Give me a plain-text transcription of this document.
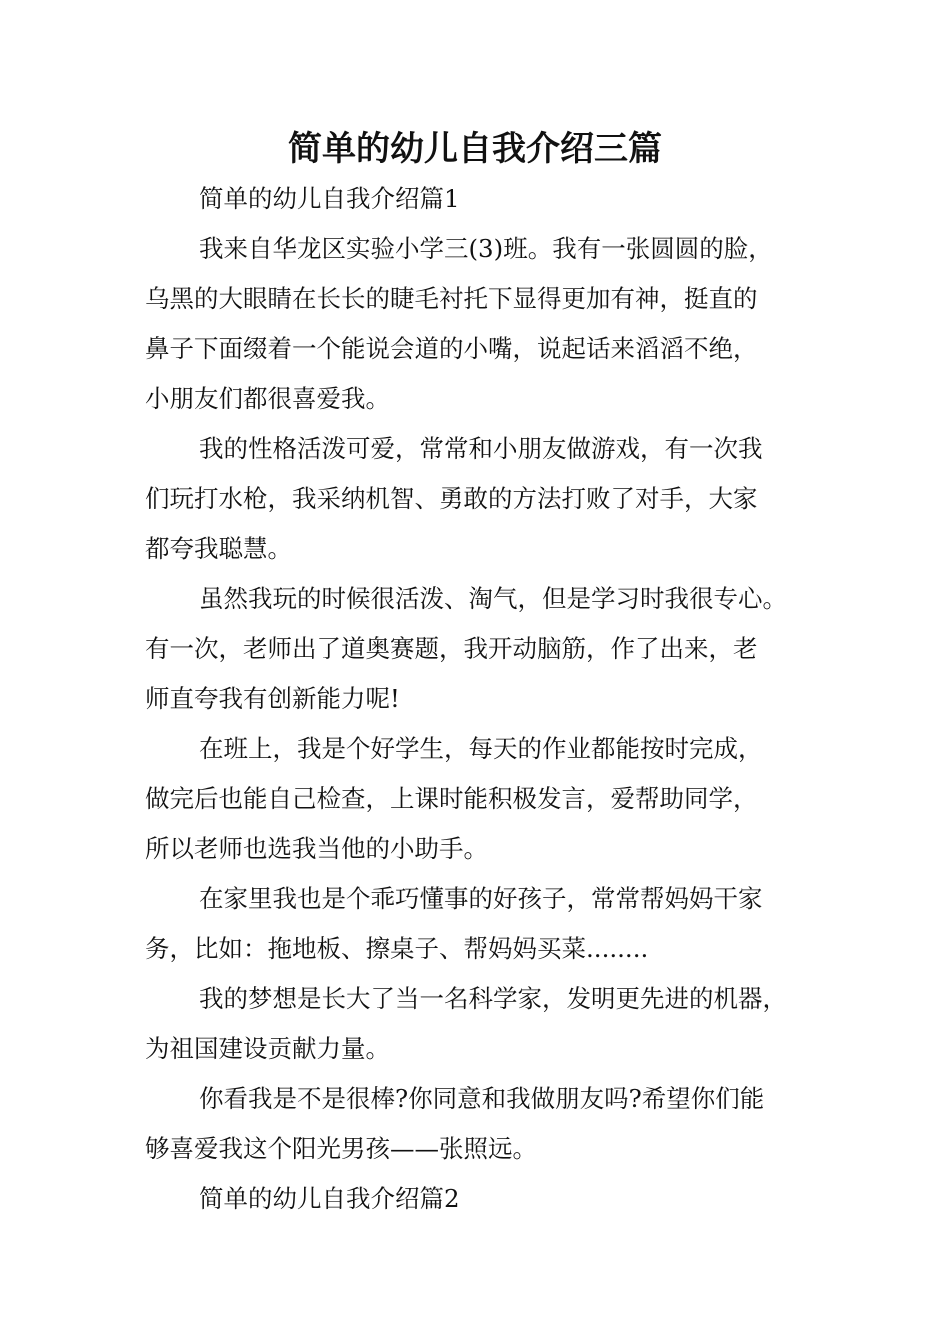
简单的幼儿自我介绍三篇
简单的幼儿自我介绍篇1
我来自华龙区实验小学三(3)班。我有一张圆圆的脸，
乌黑的大眼睛在长长的睫毛衬托下显得更加有神，挺直的
鼻子下面缀着一个能说会道的小嘴，说起话来滔滔不绝，
小朋友们都很喜爱我。
我的性格活泼可爱，常常和小朋友做游戏，有一次我
们玩打水枪，我采纳机智、勇敢的方法打败了对手，大家
都夸我聪慧。
虽然我玩的时候很活泼、淘气，但是学习时我很专心。
有一次，老师出了道奥赛题，我开动脑筋，作了出来，老
师直夸我有创新能力呢!
在班上，我是个好学生，每天的作业都能按时完成，
做完后也能自己检查，上课时能积极发言，爱帮助同学，
所以老师也选我当他的小助手。
在家里我也是个乖巧懂事的好孩子，常常帮妈妈干家
务，比如：拖地板、擦桌子、帮妈妈买菜........
我的梦想是长大了当一名科学家，发明更先进的机器，
为祖国建设贡献力量。
你看我是不是很棒?你同意和我做朋友吗?希望你们能
够喜爱我这个阳光男孩——张照远。
简单的幼儿自我介绍篇2
